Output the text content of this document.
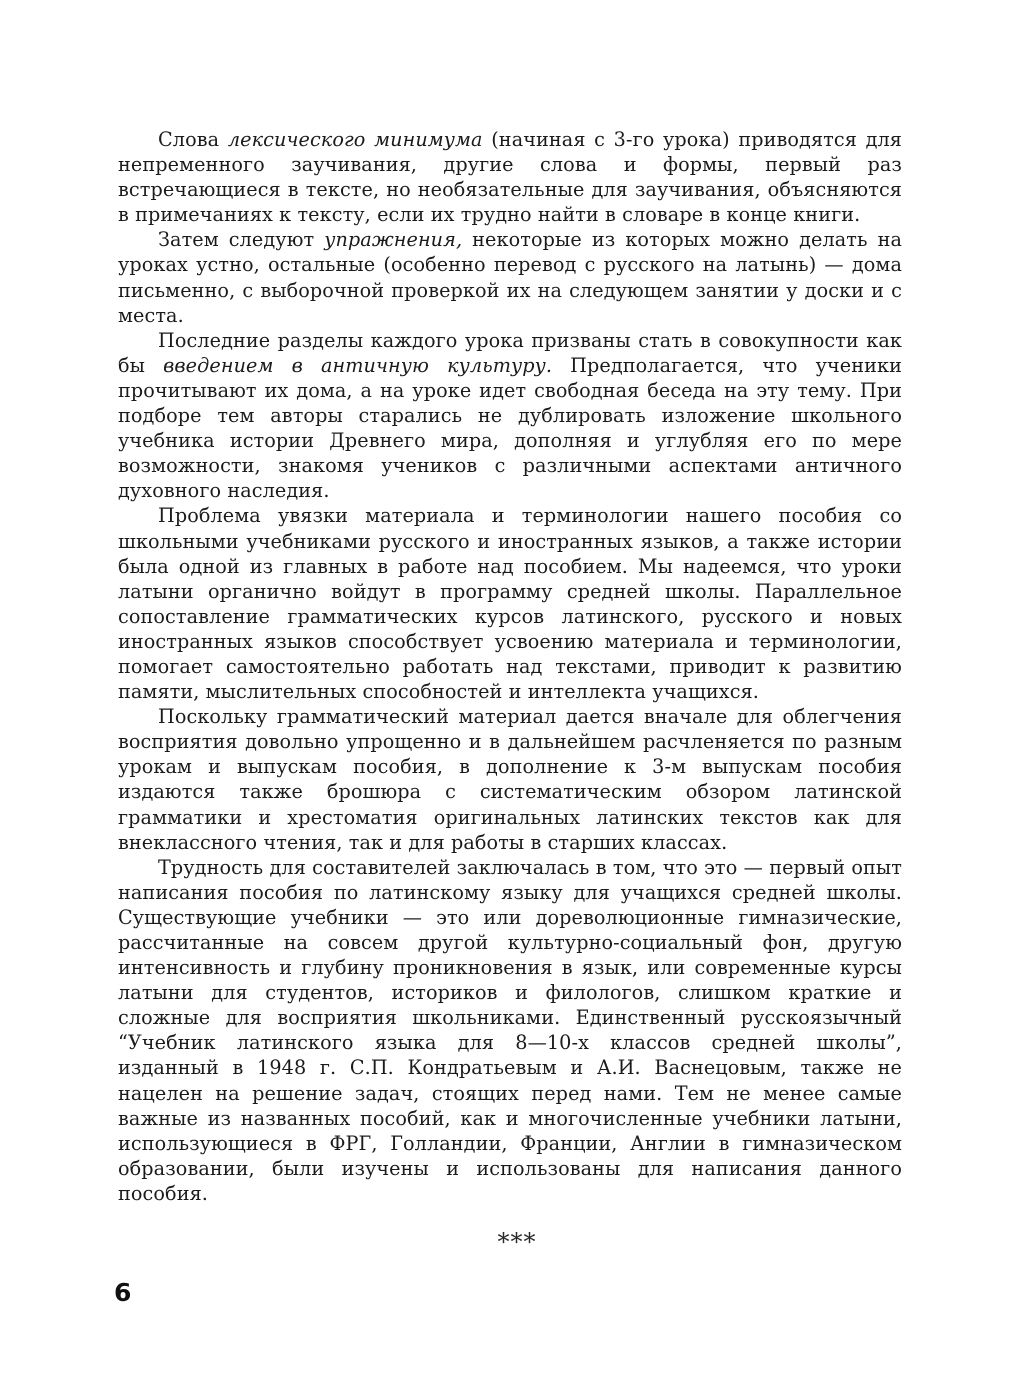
Слова лексического минимума (начиная с 3-го урока) приводятся для непременного заучивания, другие слова и формы, первый раз встречающиеся в тексте, но необязательные для заучивания, объясняются в примечаниях к тексту, если их трудно найти в словаре в конце книги.

Затем следуют упражнения, некоторые из которых можно делать на уроках устно, остальные (особенно перевод с русского на латынь) — дома письменно, с выборочной проверкой их на следующем занятии у доски и с места.

Последние разделы каждого урока призваны стать в совокупности как бы введением в античную культуру. Предполагается, что ученики прочитывают их дома, а на уроке идет свободная беседа на эту тему. При подборе тем авторы старались не дублировать изложение школьного учебника истории Древнего мира, дополняя и углубляя его по мере возможности, знакомя учеников с различными аспектами античного духовного наследия.

Проблема увязки материала и терминологии нашего пособия со школьными учебниками русского и иностранных языков, а также истории была одной из главных в работе над пособием. Мы надеемся, что уроки латыни органично войдут в программу средней школы. Параллельное сопоставление грамматических курсов латинского, русского и новых иностранных языков способствует усвоению материала и терминологии, помогает самостоятельно работать над текстами, приводит к развитию памяти, мыслительных способностей и интеллекта учащихся.

Поскольку грамматический материал дается вначале для облегчения восприятия довольно упрощенно и в дальнейшем расчленяется по разным урокам и выпускам пособия, в дополнение к 3-м выпускам пособия издаются также брошюра с систематическим обзором латинской грамматики и хрестоматия оригинальных латинских текстов как для внеклассного чтения, так и для работы в старших классах.

Трудность для составителей заключалась в том, что это — первый опыт написания пособия по латинскому языку для учащихся средней школы. Существующие учебники — это или дореволюционные гимназические, рассчитанные на совсем другой культурно-социальный фон, другую интенсивность и глубину проникновения в язык, или современные курсы латыни для студентов, историков и филологов, слишком краткие и сложные для восприятия школьниками. Единственный русскоязычный “Учебник латинского языка для 8—10-х классов средней школы”, изданный в 1948 г. С.П. Кондратьевым и А.И. Васнецовым, также не нацелен на решение задач, стоящих перед нами. Тем не менее самые важные из названных пособий, как и многочисленные учебники латыни, использующиеся в ФРГ, Голландии, Франции, Англии в гимназическом образовании, были изучены и использованы для написания данного пособия.

***
6
